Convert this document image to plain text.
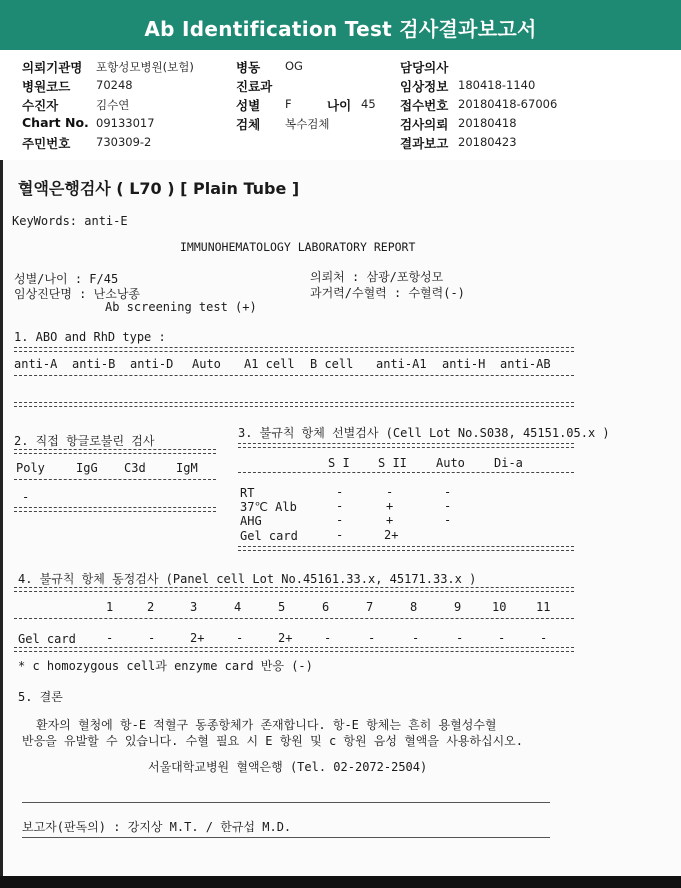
Ab Identification Test 검사결과보고서
의뢰기관명 포항성모병원(보험)
병원코드 70248
수진자	김수연
Chart No. 09133017
주민번호 730309-2
병동 OG
진료과
성별 F
검체 복수검체
나이 45
담당의사
임상정보 180418-1140
접수번호 20180418-67006
검사의뢰 20180418
결과보고 20180423
혈액은행검사 ( L70 ) [ Plain Tube ]
KeyWords: anti-E
IMMUNOHEMATOLOGY LABORATORY REPORT
성별/나이 : F/45
임상진단명 : 난소낭종
Ab screening test (+)
의뢰처 : 삼광/포항성모
과거력/수혈력 : 수혈력(-)
1. ABO and RhD type :
anti-A anti-B anti-D Auto A1 cell B cell anti-A1 anti-H anti-AB
2. 직접 항글로불린 검사
Poly	IgG C3d	IgM
-
3. 불규칙 항체 선별검사 (Cell Lot No.S038, 45151.05.x )
S I S II Auto Di-a
RT	-	-	-
37℃ Alb	-	+	-
AHG	-	+	-
Gel card	-	2+
4. 불규칙 항체 동정검사 (Panel cell Lot No.45161.33.x, 45171.33.x )
1	2	3	4	5	6	7	8	9	10 11
Gel card	-	-	2+	-	2+	-	-	-	-	-	-
* c homozygous cell과 enzyme card 반응 (-)
5. 결론
환자의 혈청에 항-E 적혈구 동종항체가 존재합니다. 항-E 항체는 흔히 용혈성수혈
반응을 유발할 수 있습니다. 수혈 필요 시 E 항원 및 c 항원 음성 혈액을 사용하십시오.
서울대학교병원 혈액은행 (Tel. 02-2072-2504)
보고자(판독의) : 강지상 M.T. / 한규섭 M.D.
